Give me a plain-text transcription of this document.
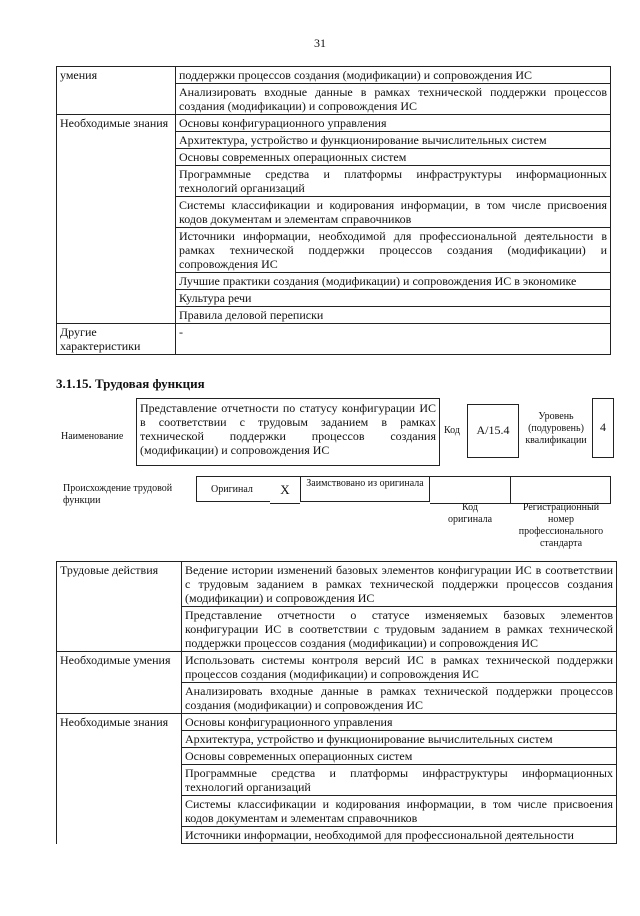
31
умения	поддержки процессов создания (модификации) и сопровождения ИС
	Анализировать входные данные в рамках технической поддержки процессов создания (модификации) и сопровождения ИС
Необходимые знания	Основы конфигурационного управления
	Архитектура, устройство и функционирование вычислительных систем
	Основы современных операционных систем
	Программные средства и платформы инфраструктуры информационных технологий организаций
	Системы классификации и кодирования информации, в том числе присвоения кодов документам и элементам справочников
	Источники информации, необходимой для профессиональной деятельности в рамках технической поддержки процессов создания (модификации) и сопровождения ИС
	Лучшие практики создания (модификации) и сопровождения ИС в экономике
	Культура речи
	Правила деловой переписки
Другие характеристики	-
3.1.15. Трудовая функция
Наименование
Представление отчетности по статусу конфигурации ИС в соответствии с трудовым заданием в рамках технической поддержки процессов создания (модификации) и сопровождения ИС
Код	A/15.4
Уровень (подуровень) квалификации
4
Происхождение трудовой функции
Оригинал	X	Заимствовано из оригинала
Код оригинала
Регистрационный номер профессионального стандарта
Трудовые действия	Ведение истории изменений базовых элементов конфигурации ИС в соответствии с трудовым заданием в рамках технической поддержки процессов создания (модификации) и сопровождения ИС
	Представление отчетности о статусе изменяемых базовых элементов конфигурации ИС в соответствии с трудовым заданием в рамках технической поддержки процессов создания (модификации) и сопровождения ИС
Необходимые умения	Использовать системы контроля версий ИС в рамках технической поддержки процессов создания (модификации) и сопровождения ИС
	Анализировать входные данные в рамках технической поддержки процессов создания (модификации) и сопровождения ИС
Необходимые знания	Основы конфигурационного управления
	Архитектура, устройство и функционирование вычислительных систем
	Основы современных операционных систем
	Программные средства и платформы инфраструктуры информационных технологий организаций
	Системы классификации и кодирования информации, в том числе присвоения кодов документам и элементам справочников
	Источники информации, необходимой для профессиональной деятельности
